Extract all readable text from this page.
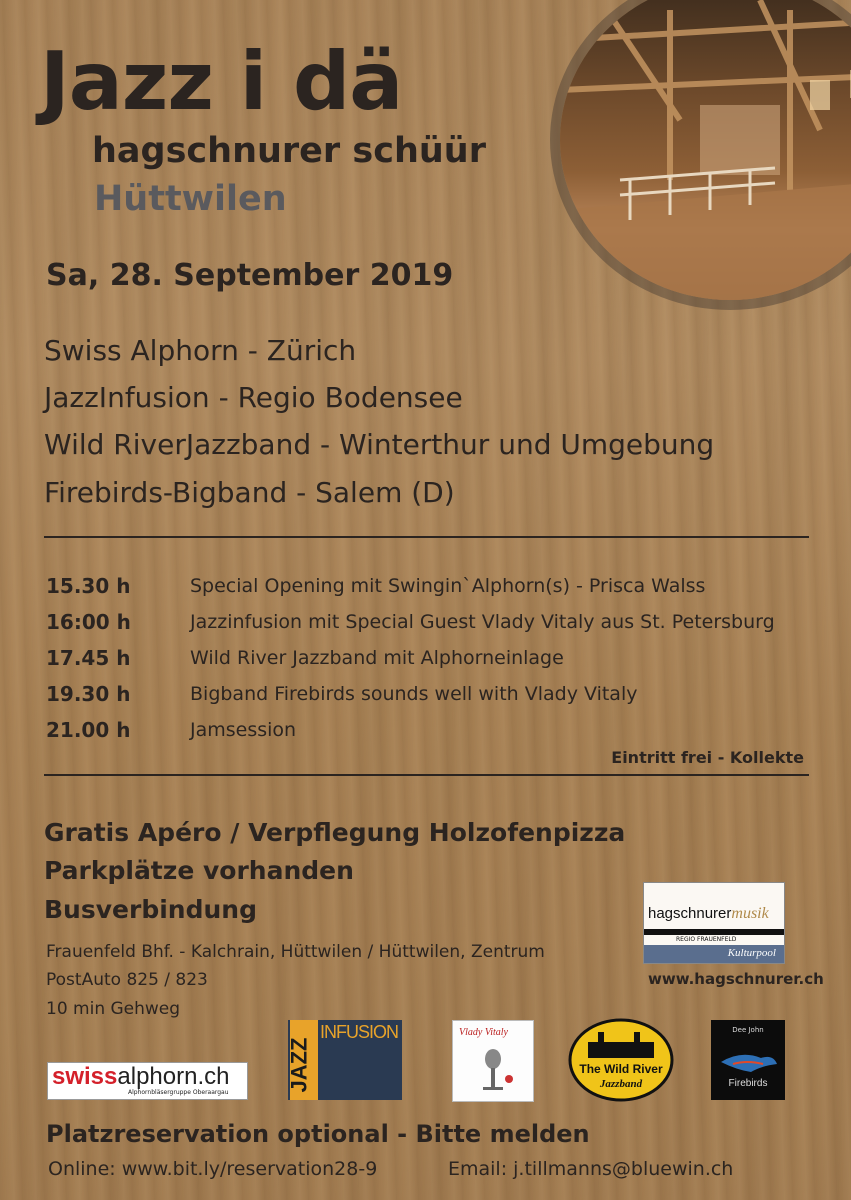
Jazz i dä
hagschnurer schüür
Hüttwilen
Sa, 28. September 2019
Swiss Alphorn - Zürich
JazzInfusion - Regio Bodensee
Wild RiverJazzband - Winterthur und Umgebung
Firebirds-Bigband - Salem (D)
15.30 h	Special Opening mit Swingin`Alphorn(s) - Prisca Walss
16:00 h	Jazzinfusion mit Special Guest Vlady Vitaly aus St. Petersburg
17.45 h	Wild River Jazzband mit Alphorneinlage
19.30 h	Bigband Firebirds sounds well with Vlady Vitaly
21.00 h	Jamsession
Eintritt frei - Kollekte
Gratis Apéro / Verpflegung Holzofenpizza
Parkplätze vorhanden
Busverbindung
Frauenfeld Bhf. - Kalchrain, Hüttwilen / Hüttwilen, Zentrum
PostAuto 825 / 823
10 min Gehweg
hagschnurermusik
REGIO FRAUENFELD
Kulturpool
www.hagschnurer.ch
swissalphorn.ch
Alphornbläsergruppe Oberaargau	JAZZ
INFUSION	Vlady Vitaly
The Wild River
Jazzband
Dee John
Firebirds
Platzreservation optional - Bitte melden
Online: www.bit.ly/reservation28-9	Email: j.tillmanns@bluewin.ch
